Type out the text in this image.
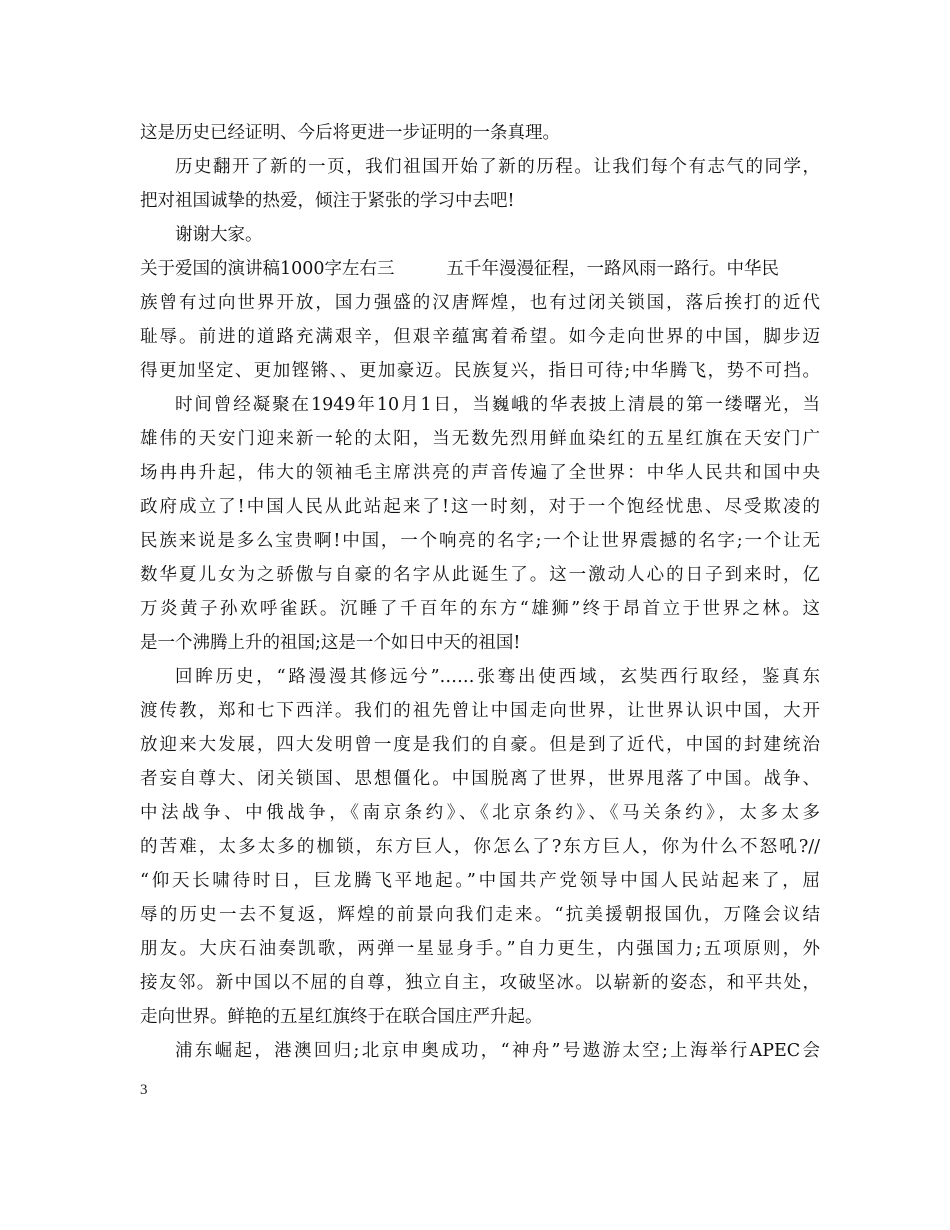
这是历史已经证明、今后将更进一步证明的一条真理。
历史翻开了新的一页，我们祖国开始了新的历程。让我们每个有志气的同学，
把对祖国诚挚的热爱，倾注于紧张的学习中去吧!
谢谢大家。
关于爱国的演讲稿1000字左右三	五千年漫漫征程，一路风雨一路行。中华民
族曾有过向世界开放，国力强盛的汉唐辉煌，也有过闭关锁国，落后挨打的近代
耻辱。前进的道路充满艰辛，但艰辛蕴寓着希望。如今走向世界的中国，脚步迈
得更加坚定、更加铿锵、、更加豪迈。民族复兴，指日可待;中华腾飞，势不可挡。
时间曾经凝聚在1949年10月1日，当巍峨的华表披上清晨的第一缕曙光，当
雄伟的天安门迎来新一轮的太阳，当无数先烈用鲜血染红的五星红旗在天安门广
场冉冉升起，伟大的领袖毛主席洪亮的声音传遍了全世界：中华人民共和国中央
政府成立了!中国人民从此站起来了!这一时刻，对于一个饱经忧患、尽受欺凌的
民族来说是多么宝贵啊!中国，一个响亮的名字;一个让世界震撼的名字;一个让无
数华夏儿女为之骄傲与自豪的名字从此诞生了。这一激动人心的日子到来时，亿
万炎黄子孙欢呼雀跃。沉睡了千百年的东方“雄狮”终于昂首立于世界之林。这
是一个沸腾上升的祖国;这是一个如日中天的祖国!
回眸历史，“路漫漫其修远兮”……张骞出使西域，玄奘西行取经，鉴真东
渡传教，郑和七下西洋。我们的祖先曾让中国走向世界，让世界认识中国，大开
放迎来大发展，四大发明曾一度是我们的自豪。但是到了近代，中国的封建统治
者妄自尊大、闭关锁国、思想僵化。中国脱离了世界，世界甩落了中国。战争、
中法战争、中俄战争，《南京条约》、《北京条约》、《马关条约》，太多太多
的苦难，太多太多的枷锁，东方巨人，你怎么了?东方巨人，你为什么不怒吼?//
“仰天长啸待时日，巨龙腾飞平地起。”中国共产党领导中国人民站起来了，屈
辱的历史一去不复返，辉煌的前景向我们走来。“抗美援朝报国仇，万隆会议结
朋友。大庆石油奏凯歌，两弹一星显身手。”自力更生，内强国力;五项原则，外
接友邻。新中国以不屈的自尊，独立自主，攻破坚冰。以崭新的姿态，和平共处，
走向世界。鲜艳的五星红旗终于在联合国庄严升起。
浦东崛起，港澳回归;北京申奥成功，“神舟”号遨游太空;上海举行APEC会
3
